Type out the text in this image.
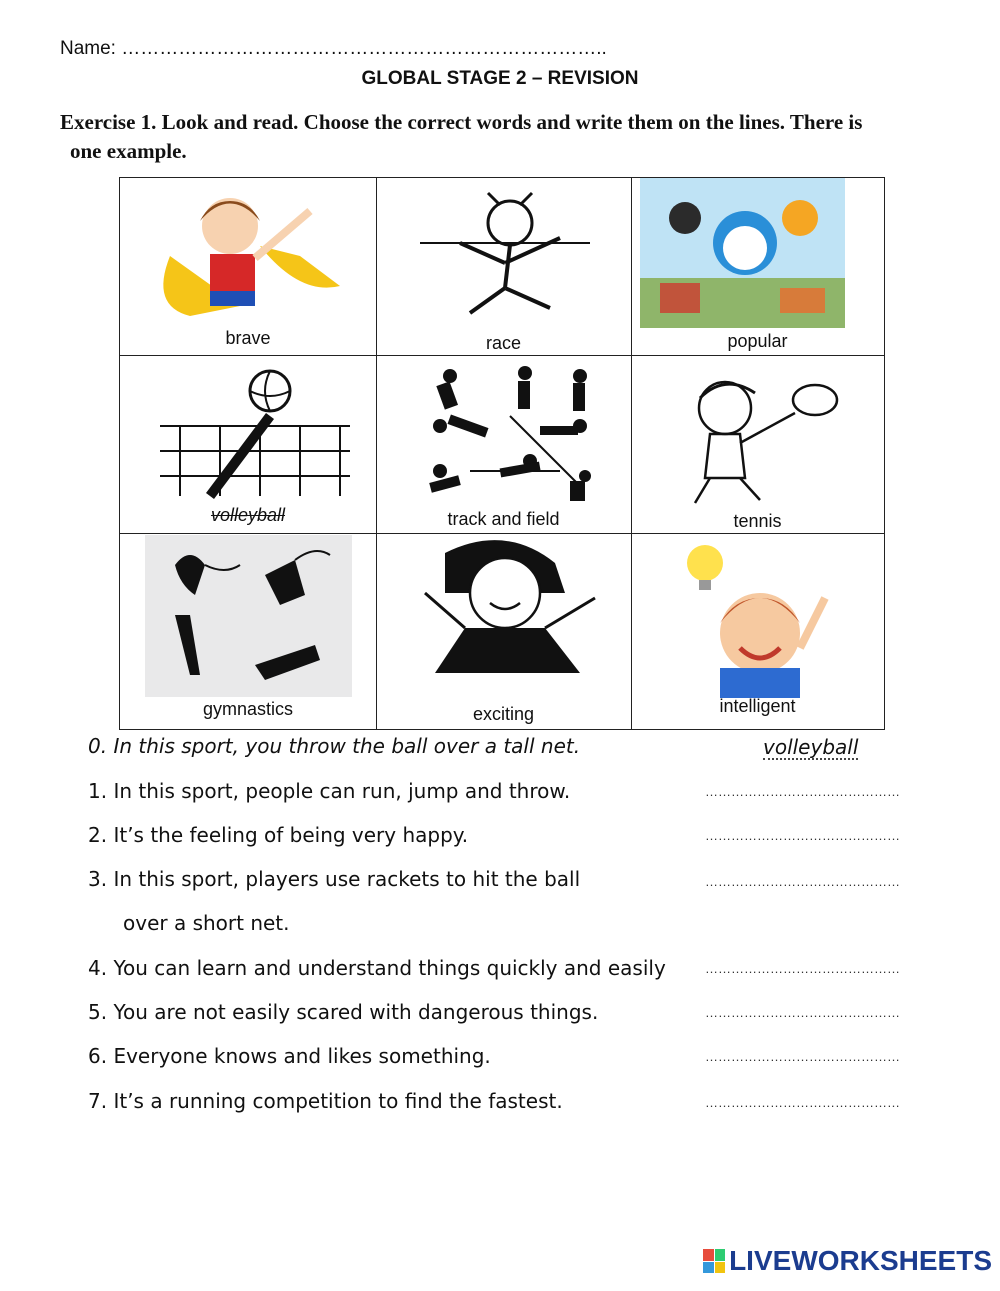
Name: …………………………………………………………………..
GLOBAL STAGE 2 – REVISION
Exercise 1. Look and read. Choose the correct words and write them on the lines. There is
one example.
brave	race	popular
volleyball	track and field	tennis
gymnastics	exciting	intelligent
0. In this sport, you throw the ball over a tall net.	volleyball
1. In this sport, people can run, jump and throw.	………………………………………
2. It’s the feeling of being very happy.	………………………………………
3. In this sport, players use rackets to hit the ball
over a short net.
………………………………………
4. You can learn and understand things quickly and easily	………………………………………
5. You are not easily scared with dangerous things.	………………………………………
6. Everyone knows and likes something.	………………………………………
7. It’s a running competition to find the fastest.	………………………………………
LIVEWORKSHEETS
